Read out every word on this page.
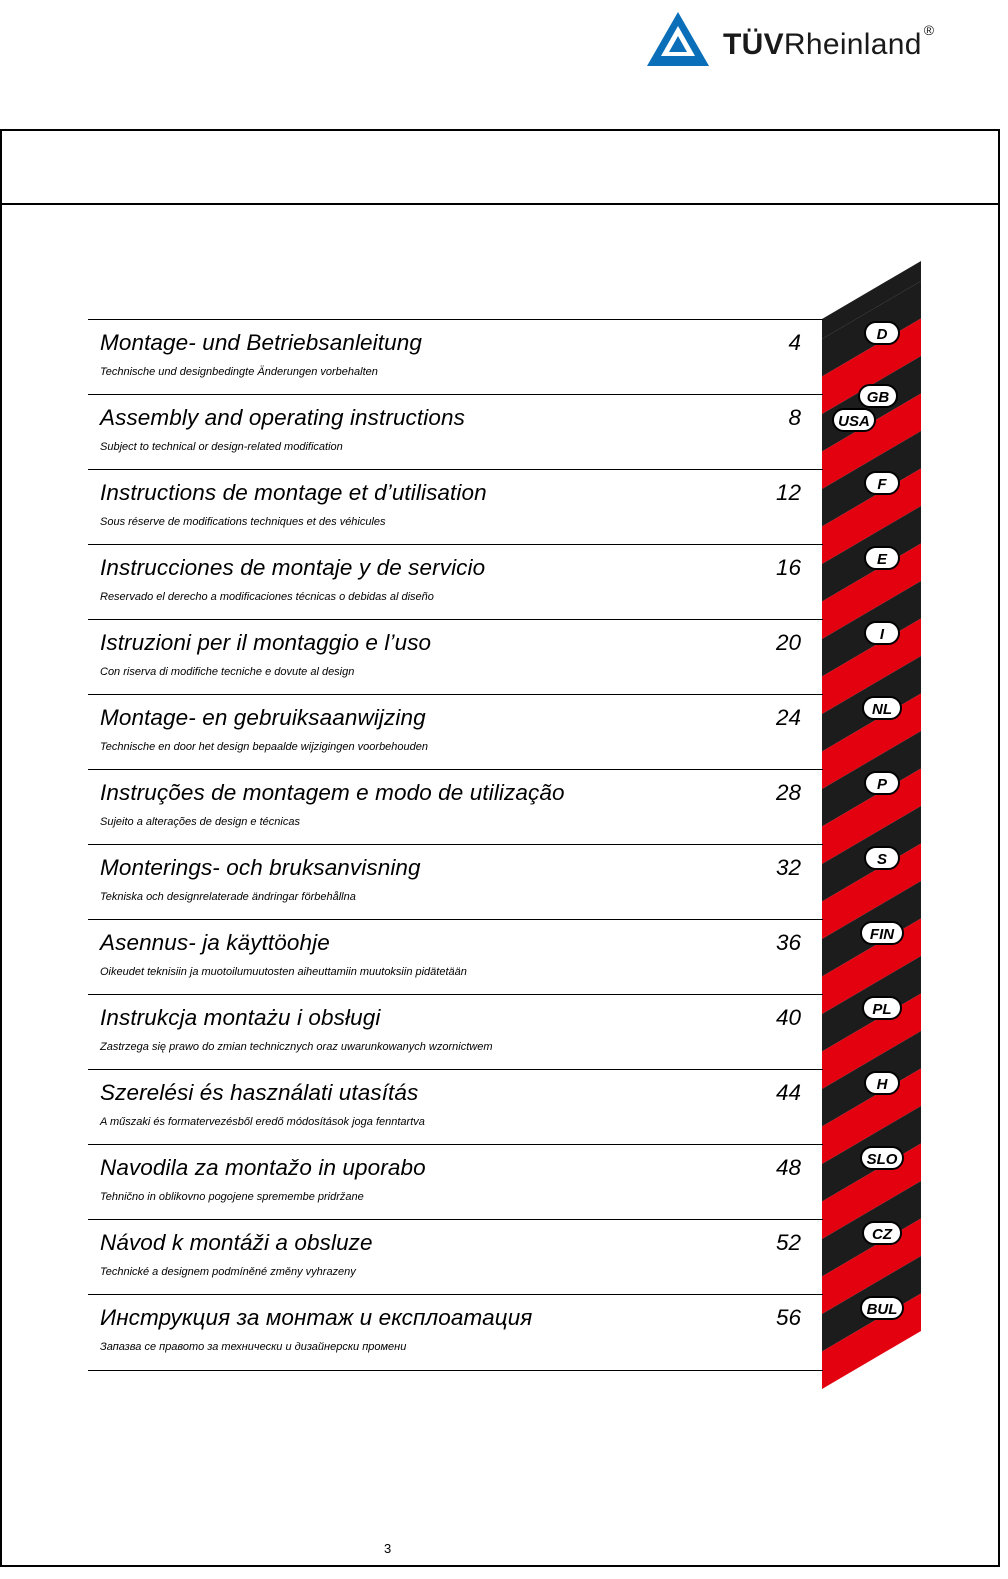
TÜVRheinland ®
Montage- und Betriebsanleitung
Technische und designbedingte Änderungen vorbehalten
4
Assembly and operating instructions
Subject to technical or design-related modification
8
Instructions de montage et d’utilisation
Sous réserve de modifications techniques et des véhicules
12
Instrucciones de montaje y de servicio
Reservado el derecho a modificaciones técnicas o debidas al diseño
16
Istruzioni per il montaggio e l’uso
Con riserva di modifiche tecniche e dovute al design
20
Montage- en gebruiksaanwijzing
Technische en door het design bepaalde wijzigingen voorbehouden
24
Instruções de montagem e modo de utilização
Sujeito a alterações de design e técnicas
28
Monterings- och bruksanvisning
Tekniska och designrelaterade ändringar förbehållna
32
Asennus- ja käyttöohje
Oikeudet teknisiin ja muotoilumuutosten aiheuttamiin muutoksiin pidätetään
36
Instrukcja montażu i obsługi
Zastrzega się prawo do zmian technicznych oraz uwarunkowanych wzornictwem
40
Szerelési és használati utasítás
A műszaki és formatervezésből eredő módosítások joga fenntartva
44
Navodila za montažo in uporabo
Tehnično in oblikovno pogojene spremembe pridržane
48
Návod k montáži a obsluze
Technické a designem podmíněné změny vyhrazeny
52
Инструкция за монтаж и експлоатация
Запазва се правото за технически и дизайнерски промени
56
D
GB
USA
F
E
I
NL
P
S
FIN
PL
H
SLO
CZ
BUL
3
